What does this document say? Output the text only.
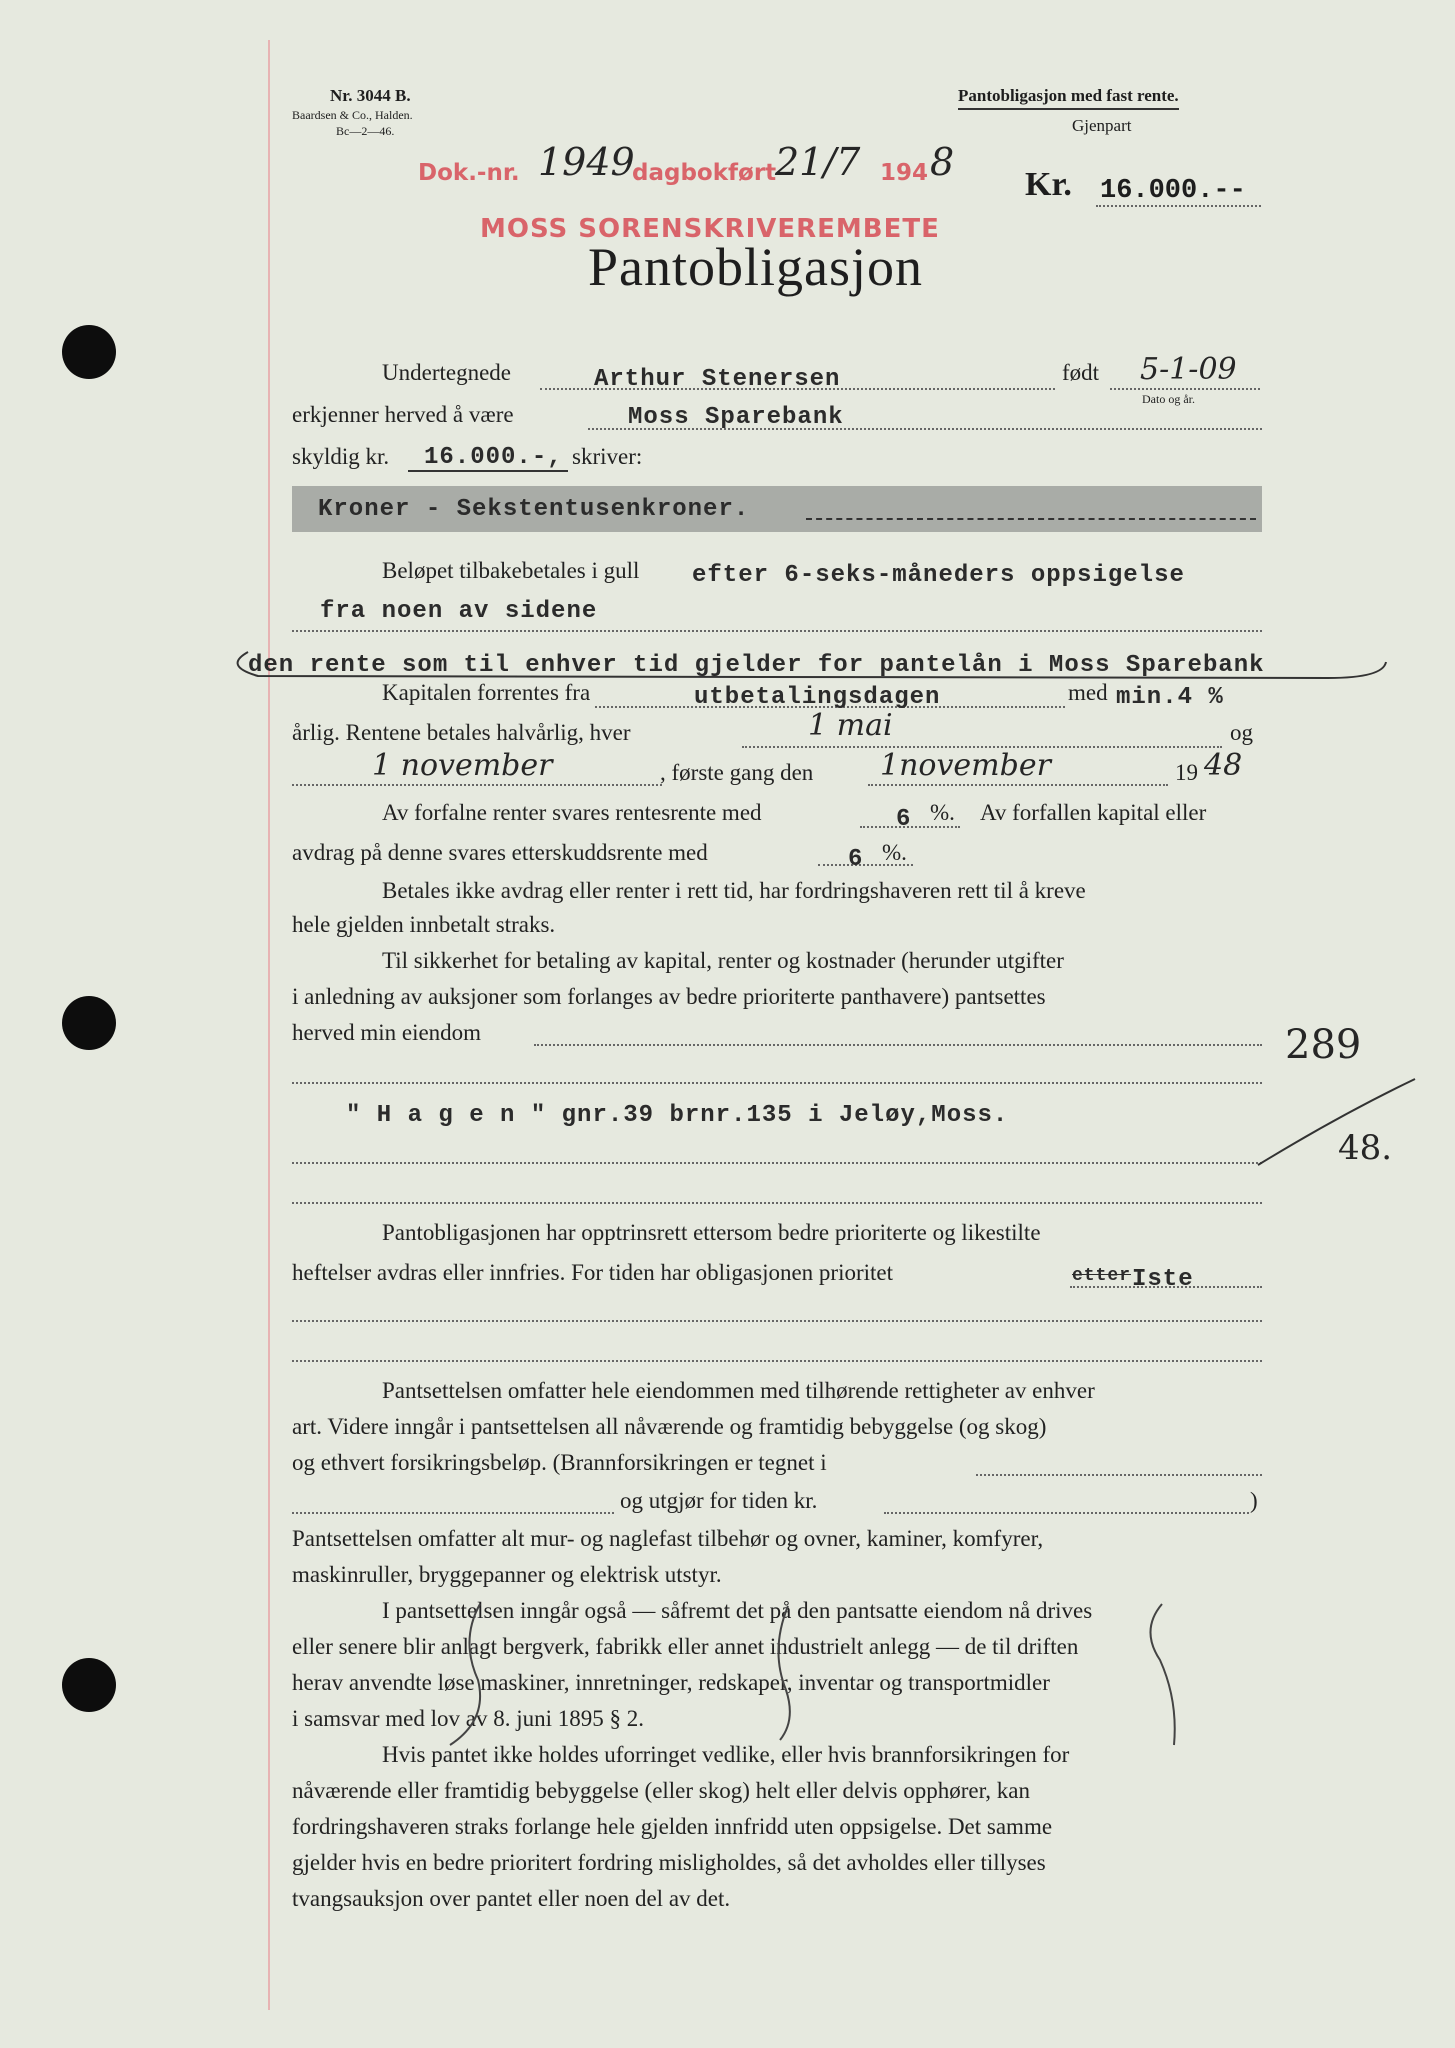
Nr. 3044 B.
Baardsen & Co., Halden.
Bc—2—46.
Pantobligasjon med fast rente.
Gjenpart
Dok.-nr. 1949
dagbokført
21/7 194 8
MOSS SORENSKRIVEREMBETE
Kr. 16.000.--
Pantobligasjon
Undertegnede	Arthur Stenersen	født 5-1-09
Dato og år.
erkjenner herved å være	Moss Sparebank
skyldig kr. 16.000.-, skriver:
Kroner - Sekstentusenkroner.
Beløpet tilbakebetales i gull efter 6-seks-måneders oppsigelse
fra noen av sidene
den rente som til enhver tid gjelder for pantelån i Moss Sparebank
Kapitalen forrentes fra	utbetalingsdagen	med min.4 %
årlig. Rentene betales halvårlig, hver	1 mai	og
1 november	, første gang den 1november	19 48
Av forfalne renter svares rentesrente med	6 %. Av forfallen kapital eller
avdrag på denne svares etterskuddsrente med	6 %.
Betales ikke avdrag eller renter i rett tid, har fordringshaveren rett til å kreve
hele gjelden innbetalt straks.
Til sikkerhet for betaling av kapital, renter og kostnader (herunder utgifter
i anledning av auksjoner som forlanges av bedre prioriterte panthavere) pantsettes
herved min eiendom
" H a g e n " gnr.39 brnr.135 i Jeløy,Moss.
289
48.
Pantobligasjonen har opptrinsrett ettersom bedre prioriterte og likestilte
heftelser avdras eller innfries. For tiden har obligasjonen prioritet	etter Iste
Pantsettelsen omfatter hele eiendommen med tilhørende rettigheter av enhver
art. Videre inngår i pantsettelsen all nåværende og framtidig bebyggelse (og skog)
og ethvert forsikringsbeløp. (Brannforsikringen er tegnet i
og utgjør for tiden kr.	)
Pantsettelsen omfatter alt mur- og naglefast tilbehør og ovner, kaminer, komfyrer,
maskinruller, bryggepanner og elektrisk utstyr.
I pantsettelsen inngår også — såfremt det på den pantsatte eiendom nå drives
eller senere blir anlagt bergverk, fabrikk eller annet industrielt anlegg — de til driften
herav anvendte løse maskiner, innretninger, redskaper, inventar og transportmidler
i samsvar med lov av 8. juni 1895 § 2.
Hvis pantet ikke holdes uforringet vedlike, eller hvis brannforsikringen for
nåværende eller framtidig bebyggelse (eller skog) helt eller delvis opphører, kan
fordringshaveren straks forlange hele gjelden innfridd uten oppsigelse. Det samme
gjelder hvis en bedre prioritert fordring misligholdes, så det avholdes eller tillyses
tvangsauksjon over pantet eller noen del av det.
